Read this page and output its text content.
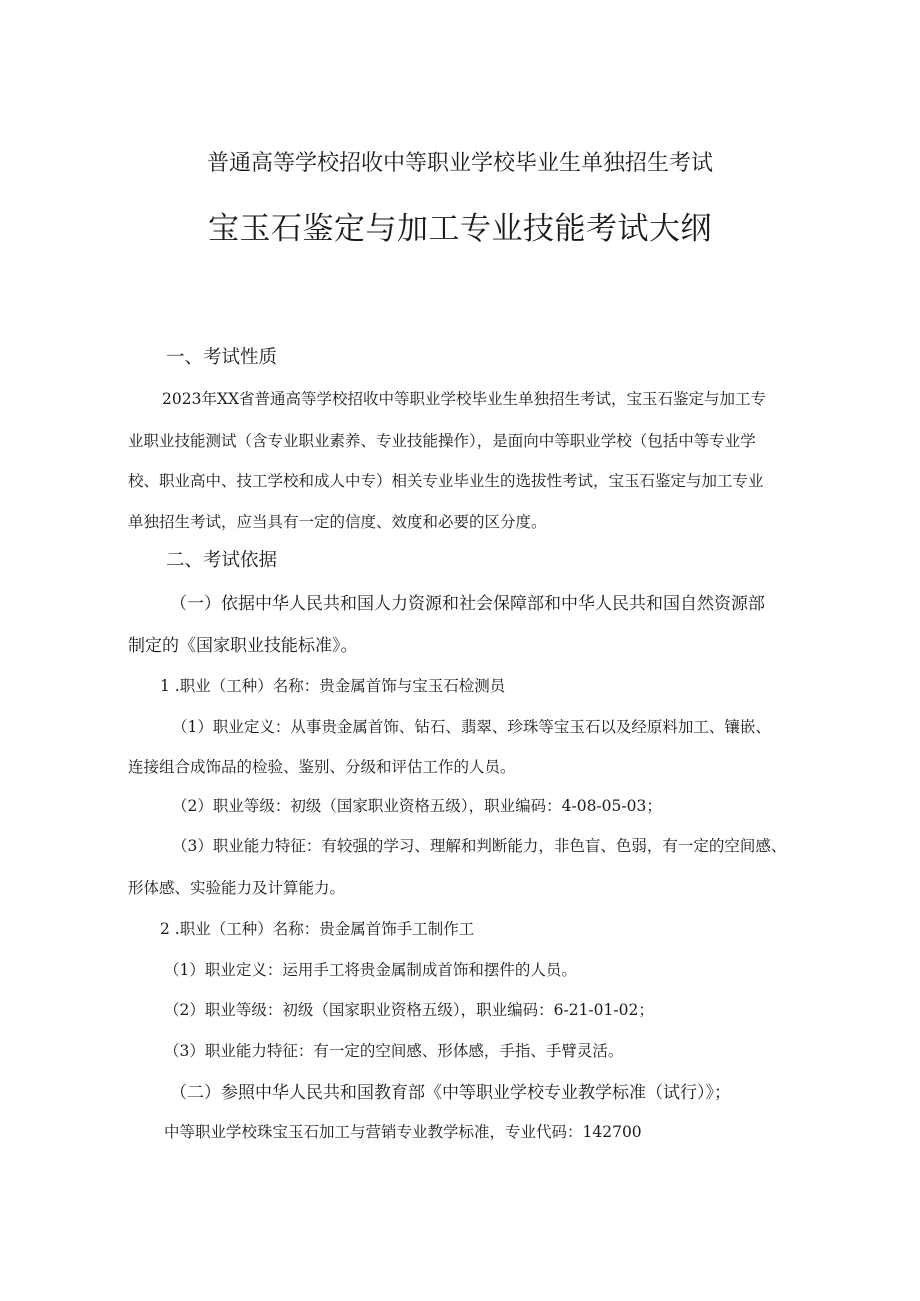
普通高等学校招收中等职业学校毕业生单独招生考试
宝玉石鉴定与加工专业技能考试大纲
一、考试性质
2023年XX省普通高等学校招收中等职业学校毕业生单独招生考试，宝玉石鉴定与加工专
业职业技能测试（含专业职业素养、专业技能操作），是面向中等职业学校（包括中等专业学
校、职业高中、技工学校和成人中专）相关专业毕业生的选拔性考试，宝玉石鉴定与加工专业
单独招生考试，应当具有一定的信度、效度和必要的区分度。
二、考试依据
（一）依据中华人民共和国人力资源和社会保障部和中华人民共和国自然资源部
制定的《国家职业技能标准》。
1 .职业（工种）名称：贵金属首饰与宝玉石检测员
（1）职业定义：从事贵金属首饰、钻石、翡翠、珍珠等宝玉石以及经原料加工、镶嵌、
连接组合成饰品的检验、鉴别、分级和评估工作的人员。
（2）职业等级：初级（国家职业资格五级），职业编码：4-08-05-03；
（3）职业能力特征：有较强的学习、理解和判断能力，非色盲、色弱，有一定的空间感、
形体感、实验能力及计算能力。
2 .职业（工种）名称：贵金属首饰手工制作工
（1）职业定义：运用手工将贵金属制成首饰和摆件的人员。
（2）职业等级：初级（国家职业资格五级），职业编码：6-21-01-02；
（3）职业能力特征：有一定的空间感、形体感，手指、手臂灵活。
（二）参照中华人民共和国教育部《中等职业学校专业教学标准（试行）》；
中等职业学校珠宝玉石加工与营销专业教学标准，专业代码：142700
